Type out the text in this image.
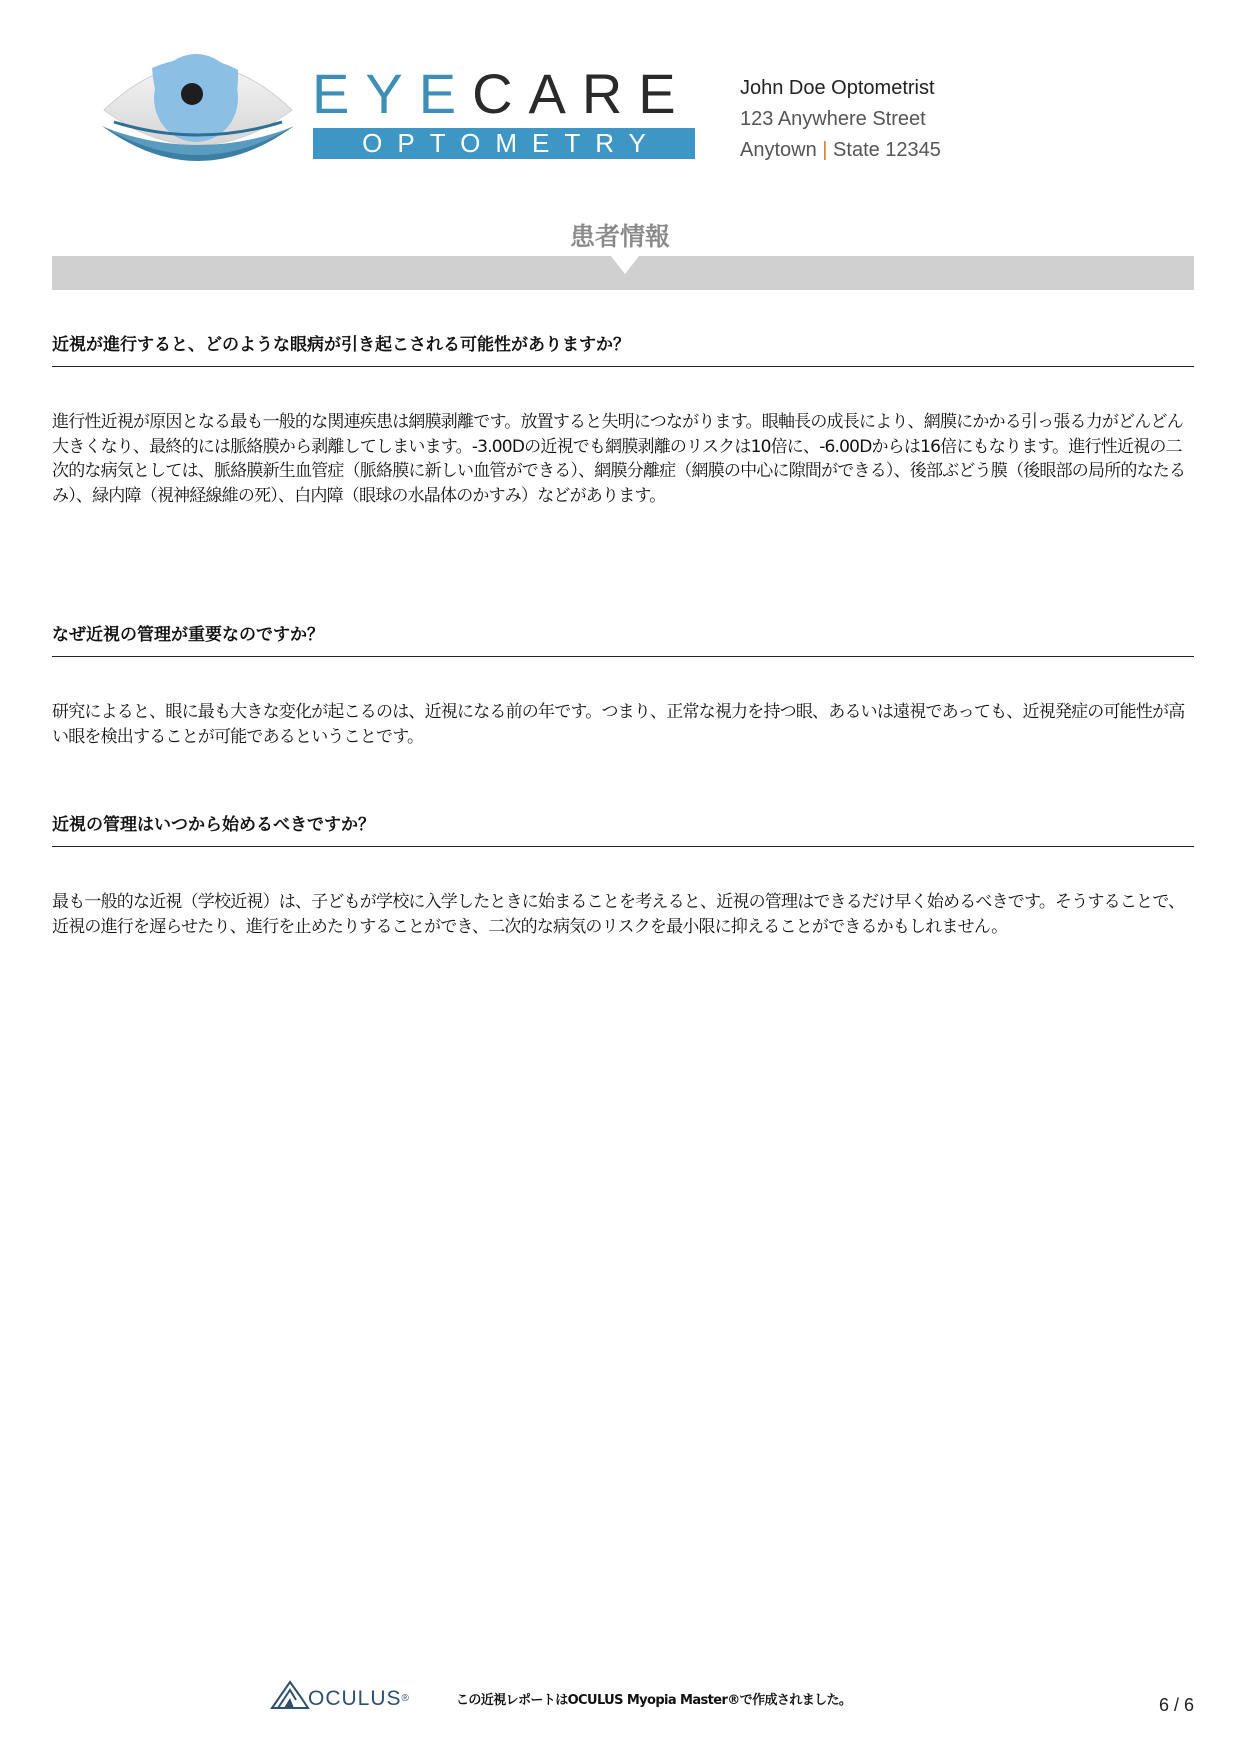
EYECARE
OPTOMETRY
John Doe Optometrist
123 Anywhere Street
Anytown | State 12345
患者情報
近視が進行すると、どのような眼病が引き起こされる可能性がありますか？
進行性近視が原因となる最も一般的な関連疾患は網膜剥離です。放置すると失明につながります。眼軸長の成長により、網膜にかかる引っ張る力がどんどん大きくなり、最終的には脈絡膜から剥離してしまいます。-3.00Dの近視でも網膜剥離のリスクは10倍に、-6.00Dからは16倍にもなります。進行性近視の二次的な病気としては、脈絡膜新生血管症（脈絡膜に新しい血管ができる）、網膜分離症（網膜の中心に隙間ができる）、後部ぶどう膜（後眼部の局所的なたるみ）、緑内障（視神経線維の死）、白内障（眼球の水晶体のかすみ）などがあります。
なぜ近視の管理が重要なのですか？
研究によると、眼に最も大きな変化が起こるのは、近視になる前の年です。つまり、正常な視力を持つ眼、あるいは遠視であっても、近視発症の可能性が高い眼を検出することが可能であるということです。
近視の管理はいつから始めるべきですか？
最も一般的な近視（学校近視）は、子どもが学校に入学したときに始まることを考えると、近視の管理はできるだけ早く始めるべきです。そうすることで、近視の進行を遅らせたり、進行を止めたりすることができ、二次的な病気のリスクを最小限に抑えることができるかもしれません。
OCULUS®	この近視レポートはOCULUS Myopia Master®で作成されました。	6 / 6
